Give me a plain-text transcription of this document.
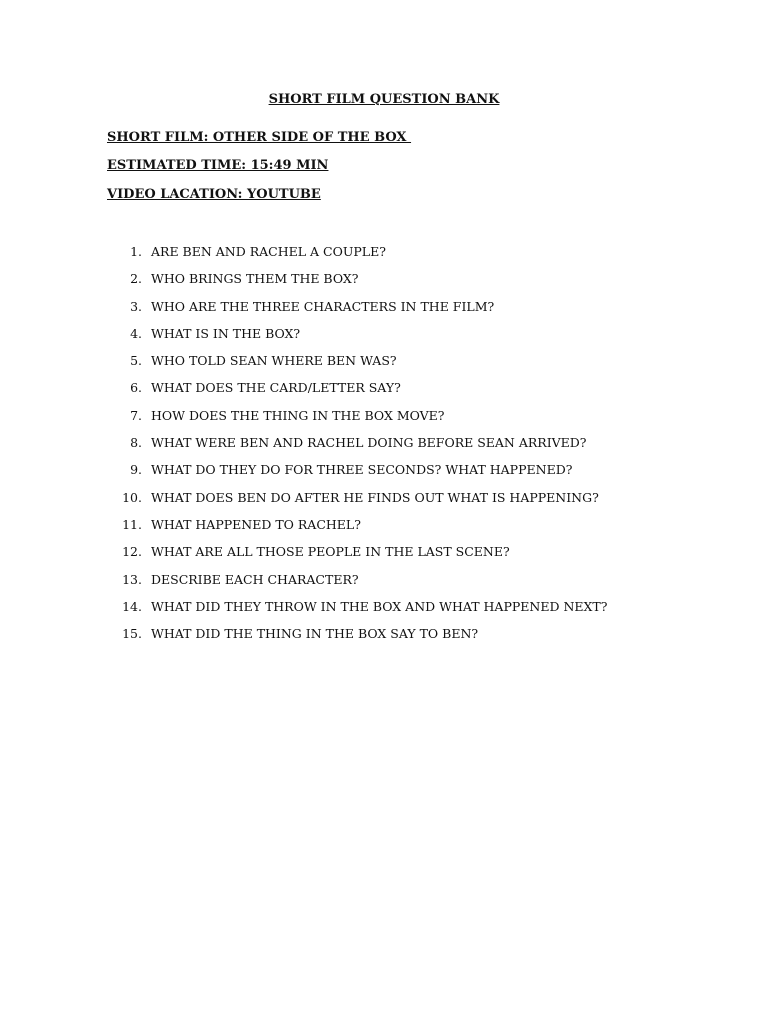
SHORT FILM QUESTION BANK
SHORT FILM: OTHER SIDE OF THE BOX
ESTIMATED TIME: 15:49 MIN
VIDEO LACATION: YOUTUBE
1. ARE BEN AND RACHEL A COUPLE?
2. WHO BRINGS THEM THE BOX?
3. WHO ARE THE THREE CHARACTERS IN THE FILM?
4. WHAT IS IN THE BOX?
5. WHO TOLD SEAN WHERE BEN WAS?
6. WHAT DOES THE CARD/LETTER SAY?
7. HOW DOES THE THING IN THE BOX MOVE?
8. WHAT WERE BEN AND RACHEL DOING BEFORE SEAN ARRIVED?
9. WHAT DO THEY DO FOR THREE SECONDS? WHAT HAPPENED?
10. WHAT DOES BEN DO AFTER HE FINDS OUT WHAT IS HAPPENING?
11. WHAT HAPPENED TO RACHEL?
12. WHAT ARE ALL THOSE PEOPLE IN THE LAST SCENE?
13. DESCRIBE EACH CHARACTER?
14. WHAT DID THEY THROW IN THE BOX AND WHAT HAPPENED NEXT?
15. WHAT DID THE THING IN THE BOX SAY TO BEN?
